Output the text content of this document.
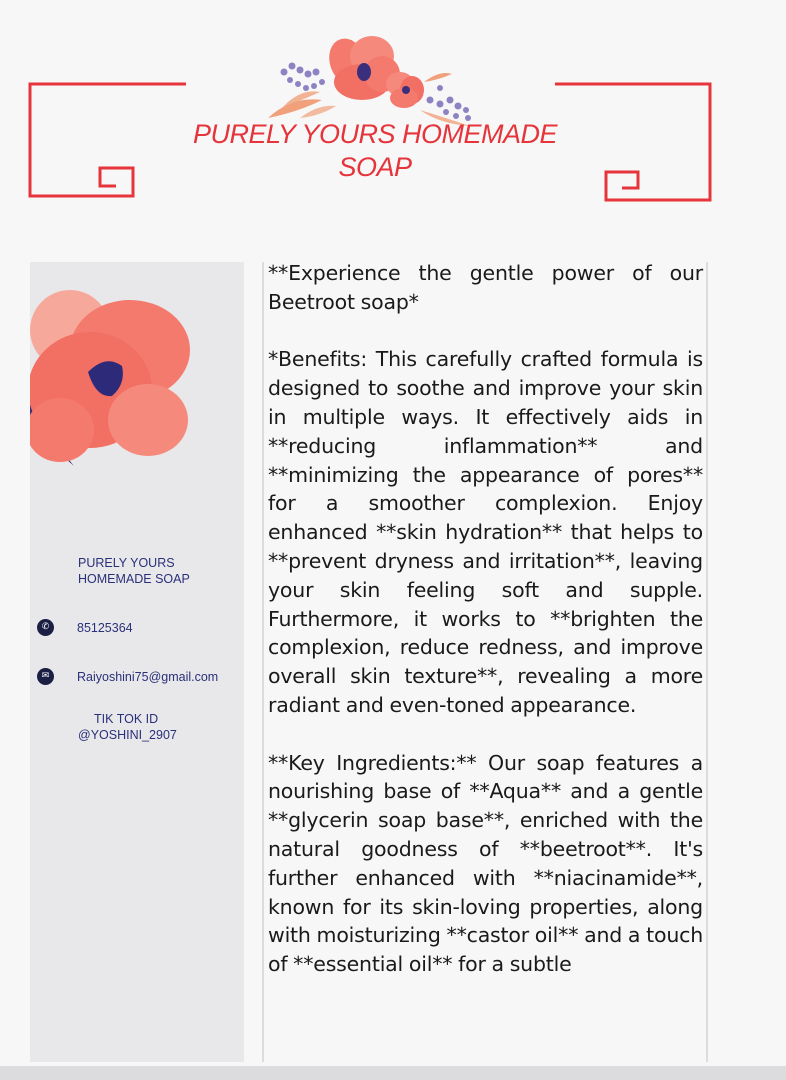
PURELY YOURS HOMEMADE
SOAP
PURELY YOURS
HOMEMADE SOAP
✆	85125364
✉	Raiyoshini75@gmail.com
TIK TOK ID
@YOSHINI_2907

**Experience the gentle power of our Beetroot soap*

*Benefits: This carefully crafted formula is designed to soothe and improve your skin in multiple ways. It effectively aids in **reducing inflammation** and **minimizing the appearance of pores** for a smoother complexion. Enjoy enhanced **skin hydration** that helps to **prevent dryness and irritation**, leaving your skin feeling soft and supple. Furthermore, it works to **brighten the complexion, reduce redness, and improve overall skin texture**, revealing a more radiant and even-toned appearance.

**Key Ingredients:** Our soap features a nourishing base of **Aqua** and a gentle **glycerin soap base**, enriched with the natural goodness of **beetroot**. It's further enhanced with **niacinamide**, known for its skin-loving properties, along with moisturizing **castor oil** and a touch of **essential oil** for a subtle
